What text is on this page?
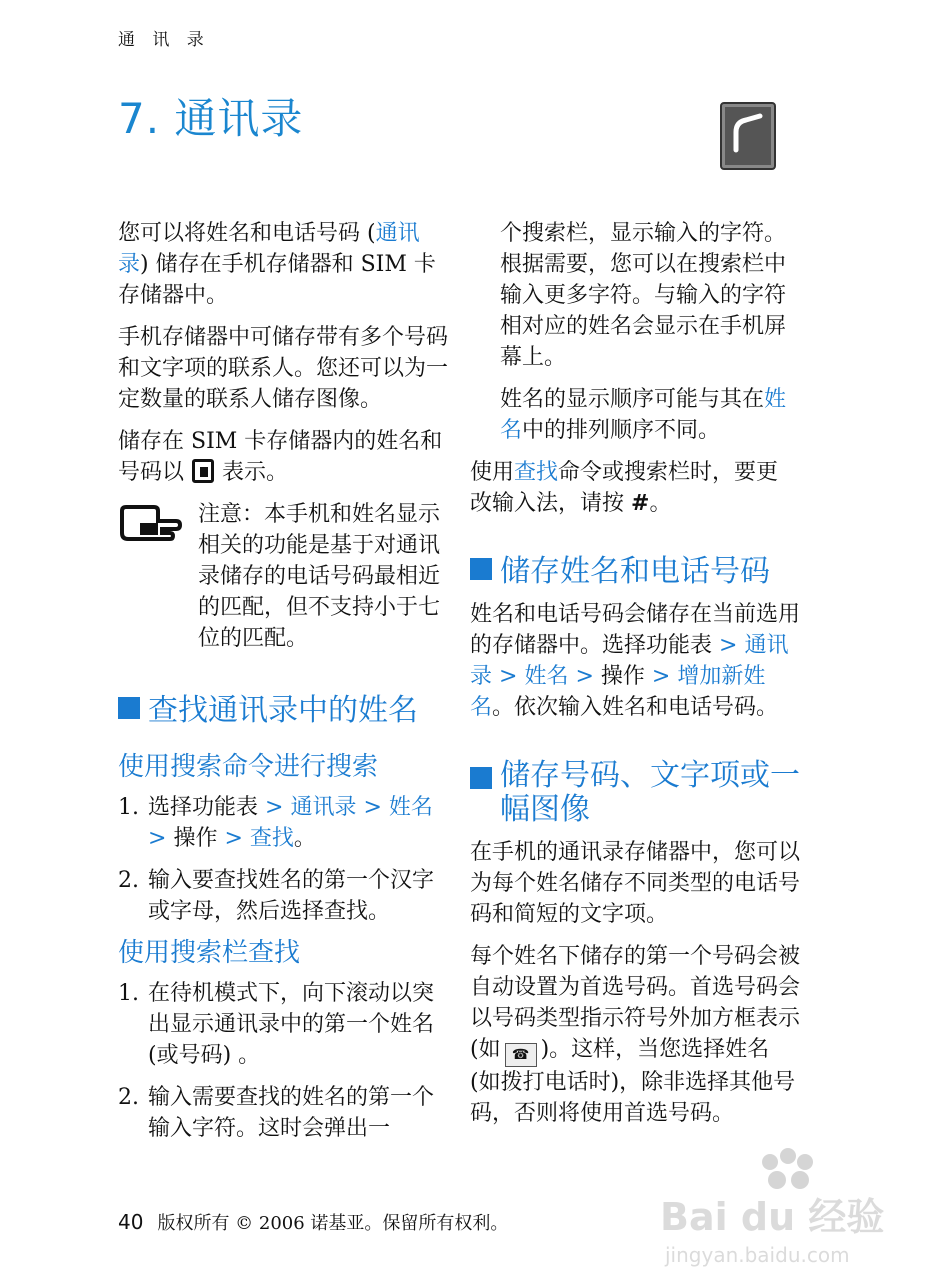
通 讯 录
7. 通讯录

您可以将姓名和电话号码 (通讯录) 储存在手机存储器和 SIM 卡存储器中。

手机存储器中可储存带有多个号码和文字项的联系人。您还可以为一定数量的联系人储存图像。

储存在 SIM 卡存储器内的姓名和号码以 表示。

注意：本手机和姓名显示相关的功能是基于对通讯录储存的电话号码最相近的匹配，但不支持小于七位的匹配。
查找通讯录中的姓名
使用搜索命令进行搜索
1. 选择功能表 > 通讯录 > 姓名 > 操作 > 查找。
2. 输入要查找姓名的第一个汉字或字母，然后选择查找。
使用搜索栏查找
1. 在待机模式下，向下滚动以突出显示通讯录中的第一个姓名 (或号码) 。
2. 输入需要查找的姓名的第一个输入字符。这时会弹出一

个搜索栏，显示输入的字符。根据需要，您可以在搜索栏中输入更多字符。与输入的字符相对应的姓名会显示在手机屏幕上。

姓名的显示顺序可能与其在姓名中的排列顺序不同。

使用查找命令或搜索栏时，要更改输入法，请按 #。

储存姓名和电话号码

姓名和电话号码会储存在当前选用的存储器中。选择功能表 > 通讯录 > 姓名 > 操作 > 增加新姓名。依次输入姓名和电话号码。

储存号码、文字项或一幅图像

在手机的通讯录存储器中，您可以为每个姓名储存不同类型的电话号码和简短的文字项。

每个姓名下储存的第一个号码会被自动设置为首选号码。首选号码会以号码类型指示符号外加方框表示 (如 ☎ )。这样，当您选择姓名 (如拨打电话时)，除非选择其他号码，否则将使用首选号码。

40 版权所有 © 2006 诺基亚。保留所有权利。	Bai du 经验
jingyan.baidu.com
